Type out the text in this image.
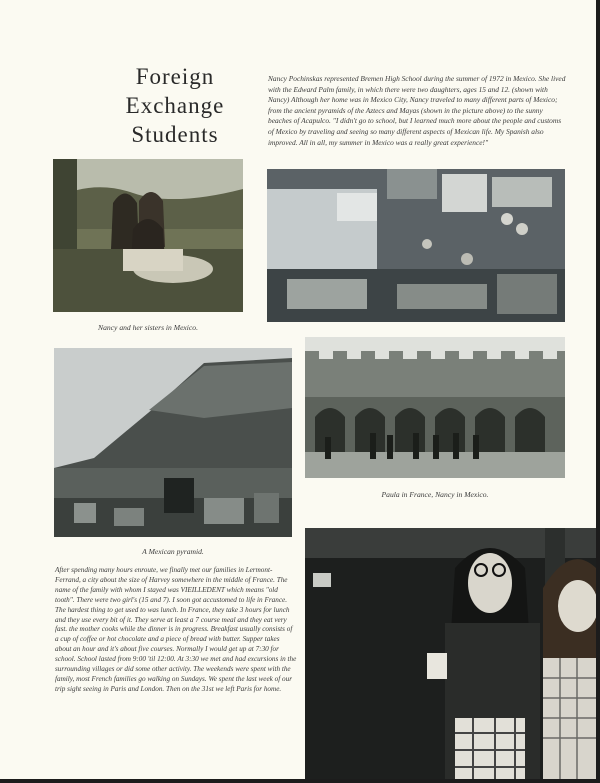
Foreign
Exchange
Students
Nancy Pochinskas represented Bremen High School during the summer of 1972 in Mexico. She lived with the Edward Palm family, in which there were two daughters, ages 15 and 12. (shown with Nancy) Although her home was in Mexico City, Nancy traveled to many different parts of Mexico; from the ancient pyramids of the Aztecs and Mayas (shown in the picture above) to the sunny beaches of Acapulco. "I didn't go to school, but I learned much more about the people and customs of Mexico by traveling and seeing so many different aspects of Mexican life. My Spanish also improved. All in all, my summer in Mexico was a really great experience!"
Nancy and her sisters in Mexico.
A Mexican pyramid.
Paula in France, Nancy in Mexico.
After spending many hours enroute, we finally met our families in Lermont-Ferrand, a city about the size of Harvey somewhere in the middle of France. The name of the family with whom I stayed was VIEILLEDENT which means "old tooth". There were two girl's (15 and 7). I soon got accustomed to life in France. The hardest thing to get used to was lunch. In France, they take 3 hours for lunch and they use every bit of it. They serve at least a 7 course meal and they eat very fast. the mother cooks while the dinner is in progress. Breakfast usually consists of a cup of coffee or hot chocolate and a piece of bread with butter. Supper takes about an hour and it's about five courses. Normally I would get up at 7:30 for school. School lasted from 9:00 'til 12:00. At 3:30 we met and had excursions in the surrounding villages or did some other activity. The weekends were spent with the family, most French families go walking on Sundays. We spent the last week of our trip sight seeing in Paris and London. Then on the 31st we left Paris for home.
